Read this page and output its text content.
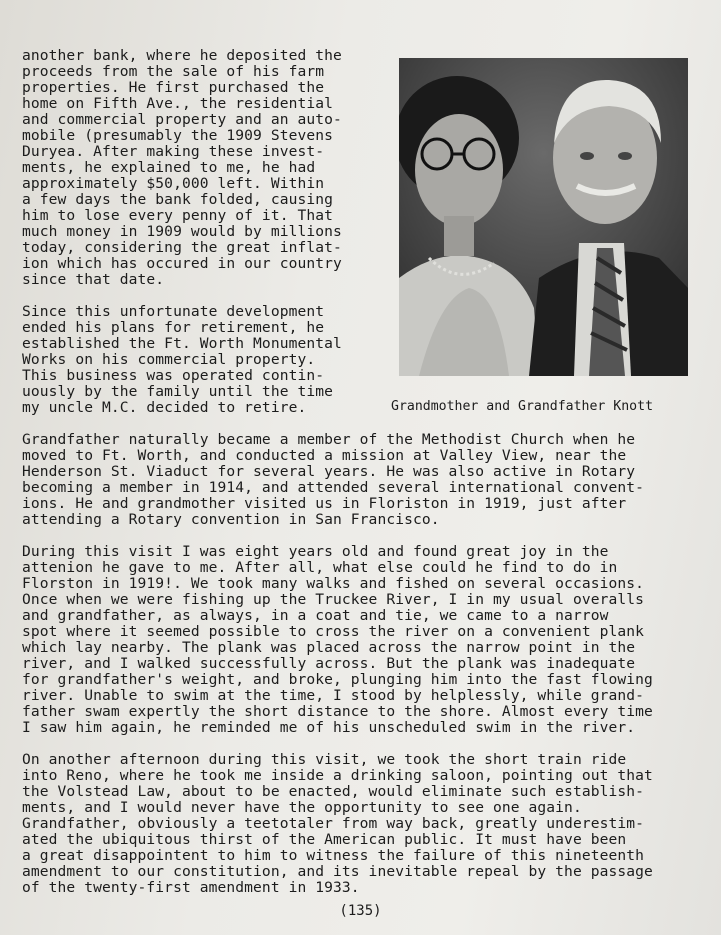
another bank, where he deposited the
proceeds from the sale of his farm
properties. He first purchased the
home on Fifth Ave., the residential
and commercial property and an auto-
mobile (presumably the 1909 Stevens
Duryea. After making these invest-
ments, he explained to me, he had
approximately $50,000 left. Within
a few days the bank folded, causing
him to lose every penny of it. That
much money in 1909 would by millions
today, considering the great inflat-
ion which has occured in our country
since that date.
Since this unfortunate development
ended his plans for retirement, he
established the Ft. Worth Monumental
Works on his commercial property.
This business was operated contin-
uously by the family until the time
my uncle M.C. decided to retire.	Grandmother and Grandfather Knott
Grandfather naturally became a member of the Methodist Church when he
moved to Ft. Worth, and conducted a mission at Valley View, near the
Henderson St. Viaduct for several years. He was also active in Rotary
becoming a member in 1914, and attended several international convent-
ions. He and grandmother visited us in Floriston in 1919, just after
attending a Rotary convention in San Francisco.
During this visit I was eight years old and found great joy in the
attenion he gave to me. After all, what else could he find to do in
Florston in 1919!. We took many walks and fished on several occasions.
Once when we were fishing up the Truckee River, I in my usual overalls
and grandfather, as always, in a coat and tie, we came to a narrow
spot where it seemed possible to cross the river on a convenient plank
which lay nearby. The plank was placed across the narrow point in the
river, and I walked successfully across. But the plank was inadequate
for grandfather's weight, and broke, plunging him into the fast flowing
river. Unable to swim at the time, I stood by helplessly, while grand-
father swam expertly the short distance to the shore. Almost every time
I saw him again, he reminded me of his unscheduled swim in the river.
On another afternoon during this visit, we took the short train ride
into Reno, where he took me inside a drinking saloon, pointing out that
the Volstead Law, about to be enacted, would eliminate such establish-
ments, and I would never have the opportunity to see one again.
Grandfather, obviously a teetotaler from way back, greatly underestim-
ated the ubiquitous thirst of the American public. It must have been
a great disappointent to him to witness the failure of this nineteenth
amendment to our constitution, and its inevitable repeal by the passage
of the twenty-first amendment in 1933.
(135)
